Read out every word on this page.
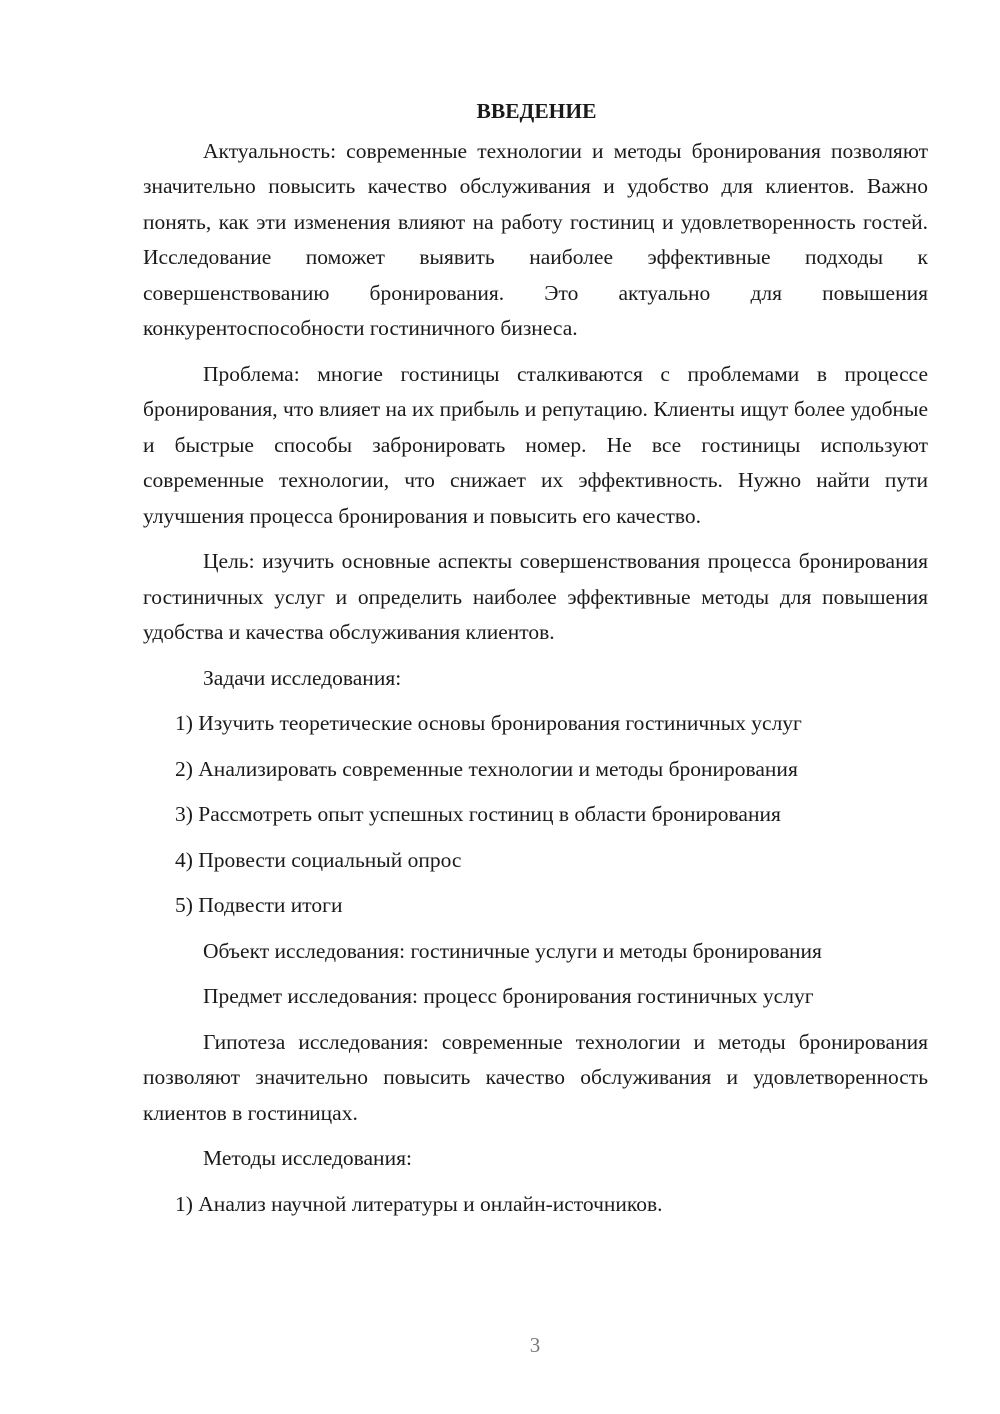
ВВЕДЕНИЕ

Актуальность: современные технологии и методы бронирования позволяют значительно повысить качество обслуживания и удобство для клиентов. Важно понять, как эти изменения влияют на работу гостиниц и удовлетворенность гостей. Исследование поможет выявить наиболее эффективные подходы к совершенствованию бронирования. Это актуально для повышения конкурентоспособности гостиничного бизнеса.

Проблема: многие гостиницы сталкиваются с проблемами в процессе бронирования, что влияет на их прибыль и репутацию. Клиенты ищут более удобные и быстрые способы забронировать номер. Не все гостиницы используют современные технологии, что снижает их эффективность. Нужно найти пути улучшения процесса бронирования и повысить его качество.

Цель: изучить основные аспекты совершенствования процесса бронирования гостиничных услуг и определить наиболее эффективные методы для повышения удобства и качества обслуживания клиентов.

Задачи исследования:

1) Изучить теоретические основы бронирования гостиничных услуг

2) Анализировать современные технологии и методы бронирования

3) Рассмотреть опыт успешных гостиниц в области бронирования

4) Провести социальный опрос

5) Подвести итоги

Объект исследования: гостиничные услуги и методы бронирования

Предмет исследования: процесс бронирования гостиничных услуг

Гипотеза исследования: современные технологии и методы бронирования позволяют значительно повысить качество обслуживания и удовлетворенность клиентов в гостиницах.

Методы исследования:

1) Анализ научной литературы и онлайн-источников.

3
